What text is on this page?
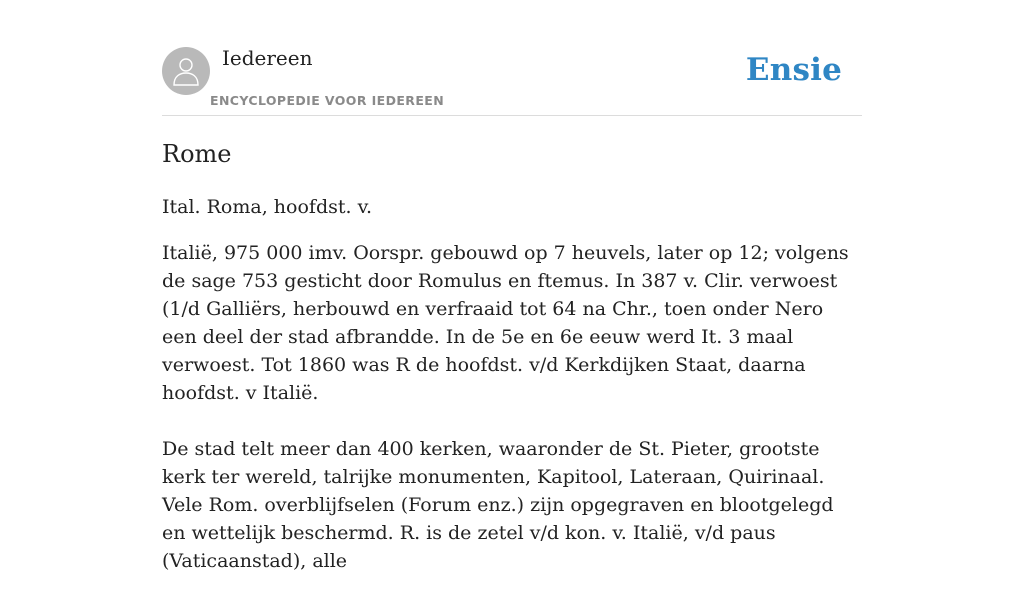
Iedereen
ENCYCLOPEDIE VOOR IEDEREEN
Ensie
Rome

Ital. Roma, hoofdst. v.

Italië, 975 000 imv. Oorspr. gebouwd op 7 heuvels, later op 12; volgens de sage 753 gesticht door Romulus en ftemus. In 387 v. Clir. verwoest (1/d Galliërs, herbouwd en verfraaid tot 64 na Chr., toen onder Nero een deel der stad afbrandde. In de 5e en 6e eeuw werd It. 3 maal verwoest. Tot 1860 was R de hoofdst. v/d Kerkdijken Staat, daarna hoofdst. v Italië.

De stad telt meer dan 400 kerken, waaronder de St. Pieter, grootste kerk ter wereld, talrijke monumenten, Kapitool, Lateraan, Quirinaal. Vele Rom. overblijfselen (Forum enz.) zijn opgegraven en blootgelegd en wettelijk beschermd. R. is de zetel v/d kon. v. Italië, v/d paus (Vaticaanstad), alle
